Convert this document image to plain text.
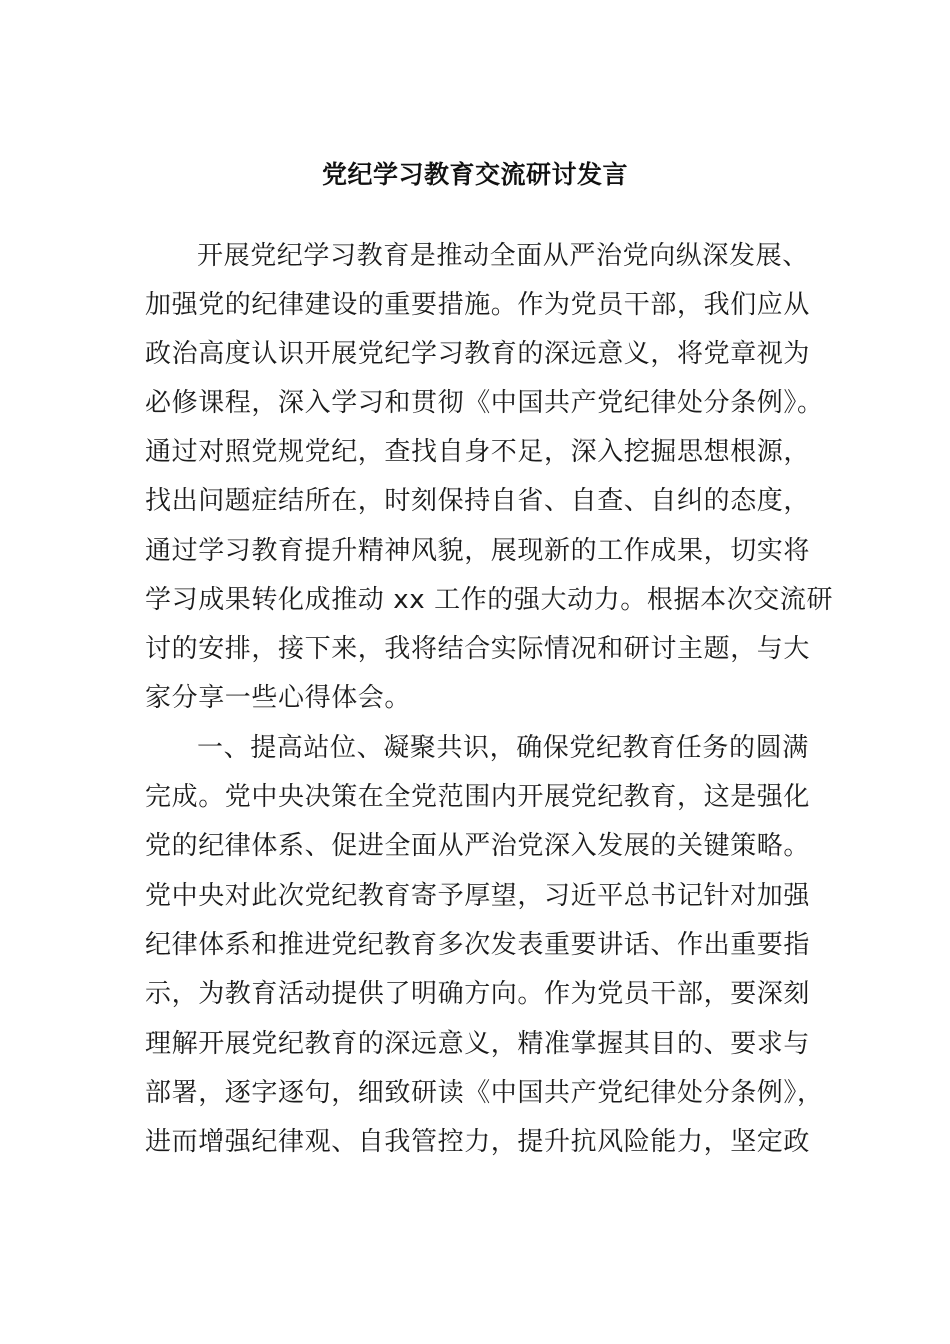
党纪学习教育交流研讨发言
开展党纪学习教育是推动全面从严治党向纵深发展、
加强党的纪律建设的重要措施。作为党员干部，我们应从
政治高度认识开展党纪学习教育的深远意义，将党章视为
必修课程，深入学习和贯彻《中国共产党纪律处分条例》。
通过对照党规党纪，查找自身不足，深入挖掘思想根源，
找出问题症结所在，时刻保持自省、自查、自纠的态度，
通过学习教育提升精神风貌，展现新的工作成果，切实将
学习成果转化成推动 xx 工作的强大动力。根据本次交流研
讨的安排，接下来，我将结合实际情况和研讨主题，与大
家分享一些心得体会。
一、提高站位、凝聚共识，确保党纪教育任务的圆满
完成。党中央决策在全党范围内开展党纪教育，这是强化
党的纪律体系、促进全面从严治党深入发展的关键策略。
党中央对此次党纪教育寄予厚望，习近平总书记针对加强
纪律体系和推进党纪教育多次发表重要讲话、作出重要指
示，为教育活动提供了明确方向。作为党员干部，要深刻
理解开展党纪教育的深远意义，精准掌握其目的、要求与
部署，逐字逐句，细致研读《中国共产党纪律处分条例》，
进而增强纪律观、自我管控力，提升抗风险能力，坚定政
